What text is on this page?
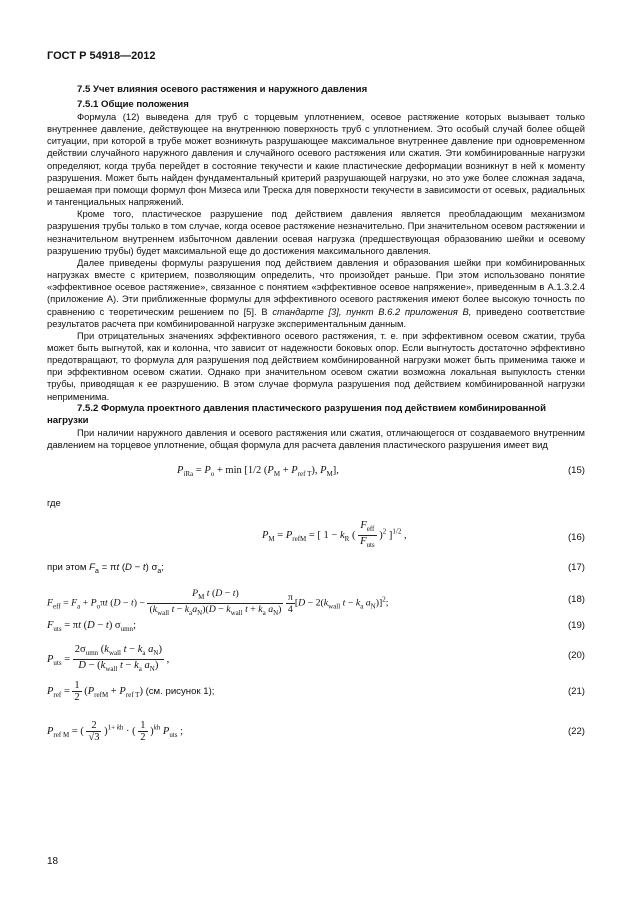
ГОСТ Р 54918—2012
7.5 Учет влияния осевого растяжения и наружного давления
7.5.1 Общие положения

Формула (12) выведена для труб с торцевым уплотнением, осевое растяжение которых вызывает только внутреннее давление, действующее на внутреннюю поверхность труб с уплотнением. Это особый случай более общей ситуации, при которой в трубе может возникнуть разрушающее максимальное внутреннее давление при одновременном действии случайного наружного давления и случайного осевого растяжения или сжатия. Эти комбинированные нагрузки определяют, когда труба перейдет в состояние текучести и какие пластические деформации возникнут в ней к моменту разрушения. Может быть найден фундаментальный критерий разрушающей нагрузки, но это уже более сложная задача, решаемая при помощи формул фон Мизеса или Треска для поверхности текучести в зависимости от осевых, радиальных и тангенциальных напряжений.

Кроме того, пластическое разрушение под действием давления является преобладающим механизмом разрушения трубы только в том случае, когда осевое растяжение незначительно. При значительном осевом растяжении и незначительном внутреннем избыточном давлении осевая нагрузка (предшествующая образованию шейки и осевому разрушению трубы) будет максимальной еще до достижения максимального давления.

Далее приведены формулы разрушения под действием давления и образования шейки при комбинированных нагрузках вместе с критерием, позволяющим определить, что произойдет раньше. При этом использовано понятие «эффективное осевое растяжение», связанное с понятием «эффективное осевое напряжение», приведенным в А.1.3.2.4 (приложение А). Эти приближенные формулы для эффективного осевого растяжения имеют более высокую точность по сравнению с теоретическим решением по [5]. В стандарте [3], пункт В.6.2 приложения В, приведено соответствие результатов расчета при комбинированной нагрузке экспериментальным данным.

При отрицательных значениях эффективного осевого растяжения, т. е. при эффективном осевом сжатии, труба может быть выгнутой, как и колонна, что зависит от надежности боковых опор. Если выгнутость достаточно эффективно предотвращают, то формула для разрушения под действием комбинированной нагрузки может быть применима также и при эффективном осевом сжатии. Однако при значительном осевом сжатии возможна локальная выпуклость стенки трубы, приводящая к ее разрушению. В этом случае формула разрушения под действием комбинированной нагрузки неприменима.

7.5.2 Формула проектного давления пластического разрушения под действием комбинированной нагрузки

При наличии наружного давления и осевого растяжения или сжатия, отличающегося от создаваемого внутренним давлением на торцевое уплотнение, общая формула для расчета давления пластического разрушения имеет вид

$P_{iRa} = P_o + \min [1/2$ $(P_M + P_{ref T})$, $P_M$],	(15)
где
$P_M = P_{refM}$ = [ $1 - k_R$ ( $\frac{F_{eff}}{F_{uts}} )^2$ ]$^{1/2}$ ,	(16)
при этом $F_a = \pi t$ (D − t) $\sigma_a$;	(17)
$F_{eff} = F_a + P_o\pi t$ $(D - t) - \frac{P_M t (D - t)}{(k_{wall} t - k_aa_N)(D - k_{wall} t + k_a a_N)}$
$\frac{\pi}{4} [D - 2(k_{wall}$ $t - k_a$ $a_N)]^2$;	(18)
$F_{uts} = \pi t$ (D − t) $\sigma_{umn}$;	(19)
$P_{uts} = \frac{2\sigma_{umn} (k_{wall} t - k_a a_N)}{D - (k_{wall} t - k_a a_N)}$ ,	(20)
$P_{ref} = \frac{1}{2} (P_{refM} + P_{ref T})$ (см. рисунок 1);	(21)
$P_{ref M}$ = ( $\frac{2}{√3} )^{1+ kh}$ · ( $\frac{1}{2} )^{kh}$ $P_{uts}$ ;	(22)
18
